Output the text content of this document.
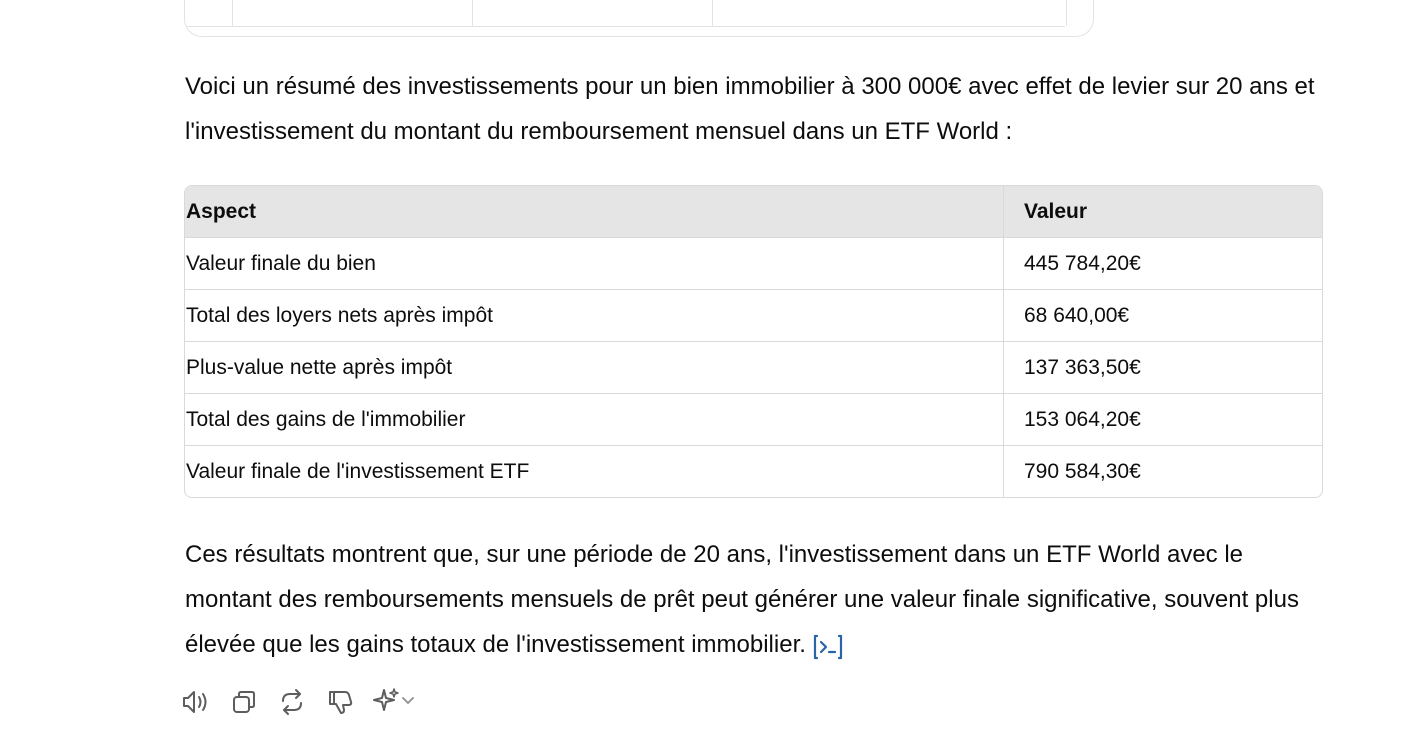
Voici un résumé des investissements pour un bien immobilier à 300 000€ avec effet de levier sur 20 ans et l'investissement du montant du remboursement mensuel dans un ETF World :

Aspect	Valeur
Valeur finale du bien	445 784,20€
Total des loyers nets après impôt	68 640,00€
Plus-value nette après impôt	137 363,50€
Total des gains de l'immobilier	153 064,20€
Valeur finale de l'investissement ETF	790 584,30€

Ces résultats montrent que, sur une période de 20 ans, l'investissement dans un ETF World avec le montant des remboursements mensuels de prêt peut générer une valeur finale significative, souvent plus élevée que les gains totaux de l'investissement immobilier.
